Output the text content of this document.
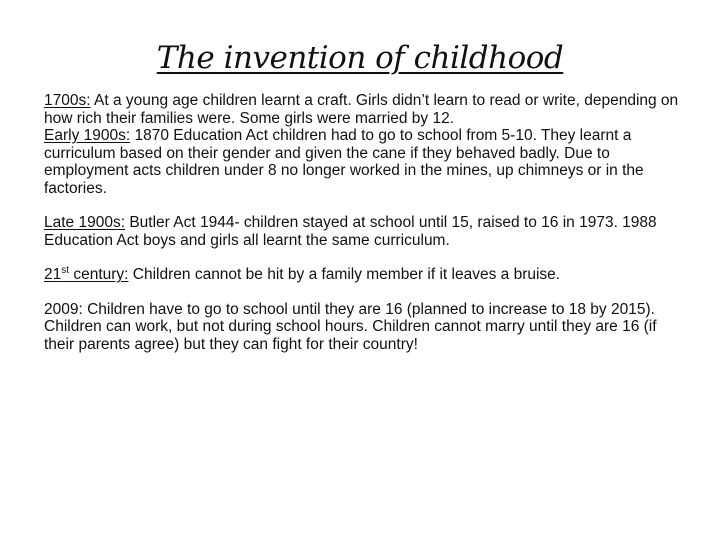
The invention of childhood

1700s: At a young age children learnt a craft. Girls didn’t learn to read or write, depending on how rich their families were. Some girls were married by 12.

Early 1900s: 1870 Education Act children had to go to school from 5-10. They learnt a curriculum based on their gender and given the cane if they behaved badly. Due to employment acts children under 8 no longer worked in the mines, up chimneys or in the factories.

Late 1900s: Butler Act 1944- children stayed at school until 15, raised to 16 in 1973. 1988 Education Act boys and girls all learnt the same curriculum.

21st century: Children cannot be hit by a family member if it leaves a bruise.

2009: Children have to go to school until they are 16 (planned to increase to 18 by 2015). Children can work, but not during school hours. Children cannot marry until they are 16 (if their parents agree) but they can fight for their country!
